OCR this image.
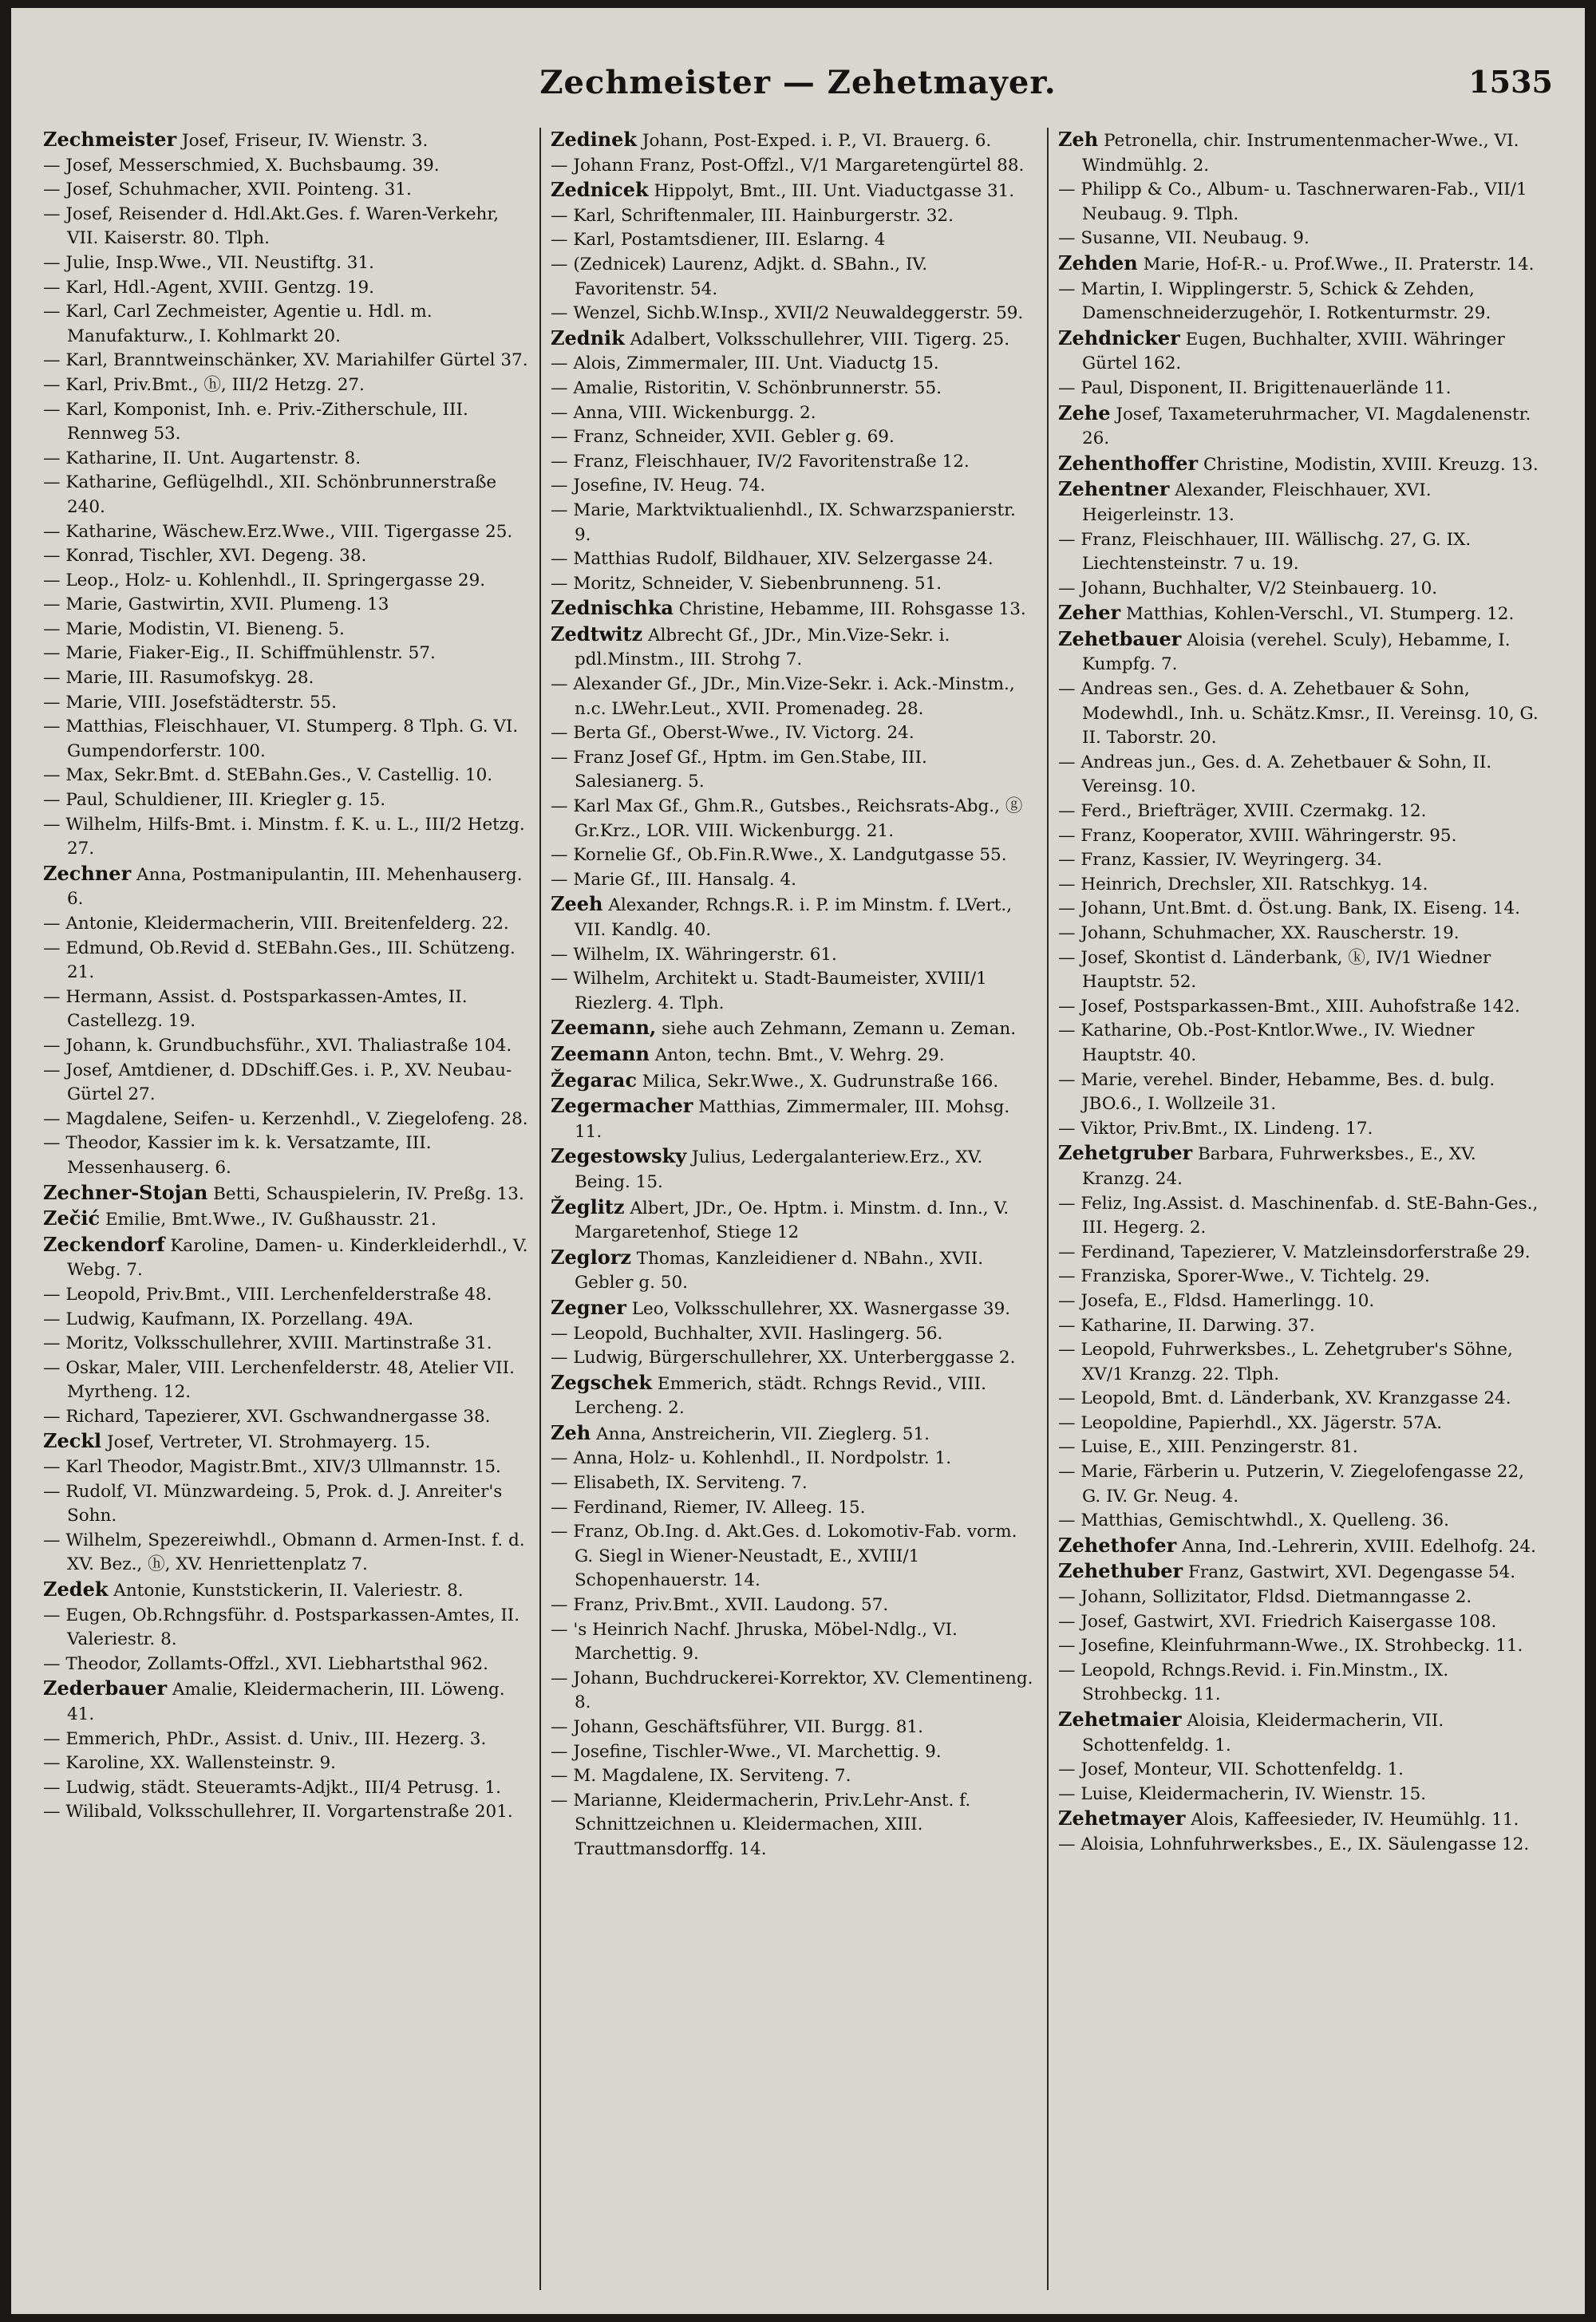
Zechmeister — Zehetmayer.	1535
Zechmeister Josef, Friseur, IV. Wienstr. 3.
— Josef, Messerschmied, X. Buchsbaumg. 39.
— Josef, Schuhmacher, XVII. Pointeng. 31.
— Josef, Reisender d. Hdl.Akt.Ges. f. Waren-Verkehr, VII. Kaiserstr. 80. Tlph.
— Julie, Insp.Wwe., VII. Neustiftg. 31.
— Karl, Hdl.-Agent, XVIII. Gentzg. 19.
— Karl, Carl Zechmeister, Agentie u. Hdl. m. Manufakturw., I. Kohlmarkt 20.
— Karl, Branntweinschänker, XV. Mariahilfer Gürtel 37.
— Karl, Priv.Bmt., ⓗ, III/2 Hetzg. 27.
— Karl, Komponist, Inh. e. Priv.-Zitherschule, III. Rennweg 53.
— Katharine, II. Unt. Augartenstr. 8.
— Katharine, Geflügelhdl., XII. Schönbrunnerstraße 240.
— Katharine, Wäschew.Erz.Wwe., VIII. Tigergasse 25.
— Konrad, Tischler, XVI. Degeng. 38.
— Leop., Holz- u. Kohlenhdl., II. Springergasse 29.
— Marie, Gastwirtin, XVII. Plumeng. 13
— Marie, Modistin, VI. Bieneng. 5.
— Marie, Fiaker-Eig., II. Schiffmühlenstr. 57.
— Marie, III. Rasumofskyg. 28.
— Marie, VIII. Josefstädterstr. 55.
— Matthias, Fleischhauer, VI. Stumperg. 8 Tlph. G. VI. Gumpendorferstr. 100.
— Max, Sekr.Bmt. d. StEBahn.Ges., V. Castellig. 10.
— Paul, Schuldiener, III. Kriegler g. 15.
— Wilhelm, Hilfs-Bmt. i. Minstm. f. K. u. L., III/2 Hetzg. 27.
Zechner Anna, Postmanipulantin, III. Mehenhauserg. 6.
— Antonie, Kleidermacherin, VIII. Breitenfelderg. 22.
— Edmund, Ob.Revid d. StEBahn.Ges., III. Schützeng. 21.
— Hermann, Assist. d. Postsparkassen-Amtes, II. Castellezg. 19.
— Johann, k. Grundbuchsführ., XVI. Thaliastraße 104.
— Josef, Amtdiener, d. DDschiff.Ges. i. P., XV. Neubau-Gürtel 27.
— Magdalene, Seifen- u. Kerzenhdl., V. Ziegelofeng. 28.
— Theodor, Kassier im k. k. Versatzamte, III. Messenhauserg. 6.
Zechner-Stojan Betti, Schauspielerin, IV. Preßg. 13.
Zečić Emilie, Bmt.Wwe., IV. Gußhausstr. 21.
Zeckendorf Karoline, Damen- u. Kinderkleiderhdl., V. Webg. 7.
— Leopold, Priv.Bmt., VIII. Lerchenfelderstraße 48.
— Ludwig, Kaufmann, IX. Porzellang. 49A.
— Moritz, Volksschullehrer, XVIII. Martinstraße 31.
— Oskar, Maler, VIII. Lerchenfelderstr. 48, Atelier VII. Myrtheng. 12.
— Richard, Tapezierer, XVI. Gschwandnergasse 38.
Zeckl Josef, Vertreter, VI. Strohmayerg. 15.
— Karl Theodor, Magistr.Bmt., XIV/3 Ullmannstr. 15.
— Rudolf, VI. Münzwardeing. 5, Prok. d. J. Anreiter's Sohn.
— Wilhelm, Spezereiwhdl., Obmann d. Armen-Inst. f. d. XV. Bez., ⓗ, XV. Henriettenplatz 7.
Zedek Antonie, Kunststickerin, II. Valeriestr. 8.
— Eugen, Ob.Rchngsführ. d. Postsparkassen-Amtes, II. Valeriestr. 8.
— Theodor, Zollamts-Offzl., XVI. Liebhartsthal 962.
Zederbauer Amalie, Kleidermacherin, III. Löweng. 41.
— Emmerich, PhDr., Assist. d. Univ., III. Hezerg. 3.
— Karoline, XX. Wallensteinstr. 9.
— Ludwig, städt. Steueramts-Adjkt., III/4 Petrusg. 1.
— Wilibald, Volksschullehrer, II. Vorgartenstraße 201.
Zedinek Johann, Post-Exped. i. P., VI. Brauerg. 6.
— Johann Franz, Post-Offzl., V/1 Margaretengürtel 88.
Zednicek Hippolyt, Bmt., III. Unt. Viaductgasse 31.
— Karl, Schriftenmaler, III. Hainburgerstr. 32.
— Karl, Postamtsdiener, III. Eslarng. 4
— (Zednicek) Laurenz, Adjkt. d. SBahn., IV. Favoritenstr. 54.
— Wenzel, Sichb.W.Insp., XVII/2 Neuwaldeggerstr. 59.
Zednik Adalbert, Volksschullehrer, VIII. Tigerg. 25.
— Alois, Zimmermaler, III. Unt. Viaductg 15.
— Amalie, Ristoritin, V. Schönbrunnerstr. 55.
— Anna, VIII. Wickenburgg. 2.
— Franz, Schneider, XVII. Gebler g. 69.
— Franz, Fleischhauer, IV/2 Favoritenstraße 12.
— Josefine, IV. Heug. 74.
— Marie, Marktviktualienhdl., IX. Schwarzspanierstr. 9.
— Matthias Rudolf, Bildhauer, XIV. Selzergasse 24.
— Moritz, Schneider, V. Siebenbrunneng. 51.
Zednischka Christine, Hebamme, III. Rohsgasse 13.
Zedtwitz Albrecht Gf., JDr., Min.Vize-Sekr. i. pdl.Minstm., III. Strohg 7.
— Alexander Gf., JDr., Min.Vize-Sekr. i. Ack.-Minstm., n.c. LWehr.Leut., XVII. Promenadeg. 28.
— Berta Gf., Oberst-Wwe., IV. Victorg. 24.
— Franz Josef Gf., Hptm. im Gen.Stabe, III. Salesianerg. 5.
— Karl Max Gf., Ghm.R., Gutsbes., Reichsrats-Abg., ⓖ Gr.Krz., LOR. VIII. Wickenburgg. 21.
— Kornelie Gf., Ob.Fin.R.Wwe., X. Landgutgasse 55.
— Marie Gf., III. Hansalg. 4.
Zeeh Alexander, Rchngs.R. i. P. im Minstm. f. LVert., VII. Kandlg. 40.
— Wilhelm, IX. Währingerstr. 61.
— Wilhelm, Architekt u. Stadt-Baumeister, XVIII/1 Riezlerg. 4. Tlph.
Zeemann, siehe auch Zehmann, Zemann u. Zeman.
Zeemann Anton, techn. Bmt., V. Wehrg. 29.
Žegarac Milica, Sekr.Wwe., X. Gudrunstraße 166.
Zegermacher Matthias, Zimmermaler, III. Mohsg. 11.
Zegestowsky Julius, Ledergalanteriew.Erz., XV. Being. 15.
Žeglitz Albert, JDr., Oe. Hptm. i. Minstm. d. Inn., V. Margaretenhof, Stiege 12
Zeglorz Thomas, Kanzleidiener d. NBahn., XVII. Gebler g. 50.
Zegner Leo, Volksschullehrer, XX. Wasnergasse 39.
— Leopold, Buchhalter, XVII. Haslingerg. 56.
— Ludwig, Bürgerschullehrer, XX. Unterberggasse 2.
Zegschek Emmerich, städt. Rchngs Revid., VIII. Lercheng. 2.
Zeh Anna, Anstreicherin, VII. Zieglerg. 51.
— Anna, Holz- u. Kohlenhdl., II. Nordpolstr. 1.
— Elisabeth, IX. Servitеng. 7.
— Ferdinand, Riemer, IV. Alleeg. 15.
— Franz, Ob.Ing. d. Akt.Ges. d. Lokomotiv-Fab. vorm. G. Siegl in Wiener-Neustadt, E., XVIII/1 Schopenhauerstr. 14.
— Franz, Priv.Bmt., XVII. Laudong. 57.
— 's Heinrich Nachf. Jhruska, Möbel-Ndlg., VI. Marchettig. 9.
— Johann, Buchdruckerei-Korrektor, XV. Clementineng. 8.
— Johann, Geschäftsführer, VII. Burgg. 81.
— Josefine, Tischler-Wwe., VI. Marchettig. 9.
— M. Magdalene, IX. Serviteng. 7.
— Marianne, Kleidermacherin, Priv.Lehr-Anst. f. Schnittzeichnen u. Kleidermachen, XIII. Trauttmansdorffg. 14.
Zeh Petronella, chir. Instrumentenmacher-Wwe., VI. Windmühlg. 2.
— Philipp & Co., Album- u. Taschnerwaren-Fab., VII/1 Neubaug. 9. Tlph.
— Susanne, VII. Neubaug. 9.
Zehden Marie, Hof-R.- u. Prof.Wwe., II. Praterstr. 14.
— Martin, I. Wipplingerstr. 5, Schick & Zehden, Damenschneiderzugehör, I. Rotkenturmstr. 29.
Zehdnicker Eugen, Buchhalter, XVIII. Währinger Gürtel 162.
— Paul, Disponent, II. Brigittenauerlände 11.
Zehe Josef, Taxameteruhrmacher, VI. Magdalenenstr. 26.
Zehenthoffer Christine, Modistin, XVIII. Kreuzg. 13.
Zehentner Alexander, Fleischhauer, XVI. Heigerleinstr. 13.
— Franz, Fleischhauer, III. Wällischg. 27, G. IX. Liechtensteinstr. 7 u. 19.
— Johann, Buchhalter, V/2 Steinbauerg. 10.
Zeher Matthias, Kohlen-Verschl., VI. Stumperg. 12.
Zehetbauer Aloisia (verehel. Sculy), Hebamme, I. Kumpfg. 7.
— Andreas sen., Ges. d. A. Zehetbauer & Sohn, Modewhdl., Inh. u. Schätz.Kmsr., II. Vereinsg. 10, G. II. Taborstr. 20.
— Andreas jun., Ges. d. A. Zehetbauer & Sohn, II. Vereinsg. 10.
— Ferd., Briefträger, XVIII. Czermakg. 12.
— Franz, Kooperator, XVIII. Währingerstr. 95.
— Franz, Kassier, IV. Weyringerg. 34.
— Heinrich, Drechsler, XII. Ratschkyg. 14.
— Johann, Unt.Bmt. d. Öst.ung. Bank, IX. Eiseng. 14.
— Johann, Schuhmacher, XX. Rauscherstr. 19.
— Josef, Skontist d. Länderbank, ⓚ, IV/1 Wiedner Hauptstr. 52.
— Josef, Postsparkassen-Bmt., XIII. Auhofstraße 142.
— Katharine, Ob.-Post-Kntlor.Wwe., IV. Wiedner Hauptstr. 40.
— Marie, verehel. Binder, Hebamme, Bes. d. bulg. JBO.6., I. Wollzeile 31.
— Viktor, Priv.Bmt., IX. Lindeng. 17.
Zehetgruber Barbara, Fuhrwerksbes., E., XV. Kranzg. 24.
— Feliz, Ing.Assist. d. Maschinenfab. d. StE-Bahn-Ges., III. Hegerg. 2.
— Ferdinand, Tapezierer, V. Matzleinsdorferstraße 29.
— Franziska, Sporer-Wwe., V. Tichtelg. 29.
— Josefa, E., Fldsd. Hamerlingg. 10.
— Katharine, II. Darwing. 37.
— Leopold, Fuhrwerksbes., L. Zehetgruber's Söhne, XV/1 Kranzg. 22. Tlph.
— Leopold, Bmt. d. Länderbank, XV. Kranzgasse 24.
— Leopoldine, Papierhdl., XX. Jägerstr. 57A.
— Luise, E., XIII. Penzingerstr. 81.
— Marie, Färberin u. Putzerin, V. Ziegelofengasse 22, G. IV. Gr. Neug. 4.
— Matthias, Gemischtwhdl., X. Quelleng. 36.
Zehethofer Anna, Ind.-Lehrerin, XVIII. Edelhofg. 24.
Zehethuber Franz, Gastwirt, XVI. Degengasse 54.
— Johann, Sollizitator, Fldsd. Dietmanngasse 2.
— Josef, Gastwirt, XVI. Friedrich Kaisergasse 108.
— Josefine, Kleinfuhrmann-Wwe., IX. Strohbeckg. 11.
— Leopold, Rchngs.Revid. i. Fin.Minstm., IX. Strohbeckg. 11.
Zehetmaier Aloisia, Kleidermacherin, VII. Schottenfeldg. 1.
— Josef, Monteur, VII. Schottenfeldg. 1.
— Luise, Kleidermacherin, IV. Wienstr. 15.
Zehetmayer Alois, Kaffeesieder, IV. Heumühlg. 11.
— Aloisia, Lohnfuhrwerksbes., E., IX. Säulengasse 12.
